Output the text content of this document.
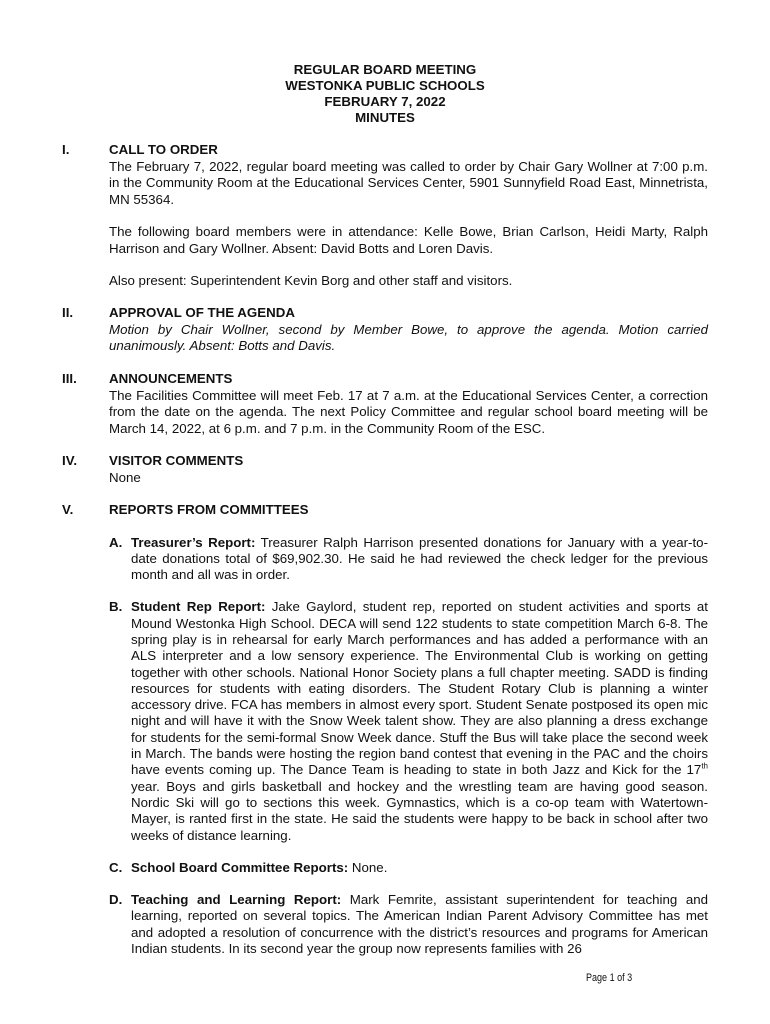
REGULAR BOARD MEETING
WESTONKA PUBLIC SCHOOLS
FEBRUARY 7, 2022
MINUTES
I.	CALL TO ORDER

The February 7, 2022, regular board meeting was called to order by Chair Gary Wollner at 7:00 p.m. in the Community Room at the Educational Services Center, 5901 Sunnyfield Road East, Minnetrista, MN 55364.

The following board members were in attendance: Kelle Bowe, Brian Carlson, Heidi Marty, Ralph Harrison and Gary Wollner. Absent: David Botts and Loren Davis.

Also present: Superintendent Kevin Borg and other staff and visitors.

II.	APPROVAL OF THE AGENDA

Motion by Chair Wollner, second by Member Bowe, to approve the agenda. Motion carried unanimously. Absent: Botts and Davis.

III. ANNOUNCEMENTS

The Facilities Committee will meet Feb. 17 at 7 a.m. at the Educational Services Center, a correction from the date on the agenda. The next Policy Committee and regular school board meeting will be March 14, 2022, at 6 p.m. and 7 p.m. in the Community Room of the ESC.

IV. VISITOR COMMENTS

None

V.	REPORTS FROM COMMITTEES
A. Treasurer’s Report: Treasurer Ralph Harrison presented donations for January with a year-to-date donations total of $69,902.30. He said he had reviewed the check ledger for the previous month and all was in order.
B. Student Rep Report: Jake Gaylord, student rep, reported on student activities and sports at Mound Westonka High School. DECA will send 122 students to state competition March 6-8. The spring play is in rehearsal for early March performances and has added a performance with an ALS interpreter and a low sensory experience. The Environmental Club is working on getting together with other schools. National Honor Society plans a full chapter meeting. SADD is finding resources for students with eating disorders. The Student Rotary Club is planning a winter accessory drive. FCA has members in almost every sport. Student Senate postposed its open mic night and will have it with the Snow Week talent show. They are also planning a dress exchange for students for the semi-formal Snow Week dance. Stuff the Bus will take place the second week in March. The bands were hosting the region band contest that evening in the PAC and the choirs have events coming up. The Dance Team is heading to state in both Jazz and Kick for the 17th year. Boys and girls basketball and hockey and the wrestling team are having good season. Nordic Ski will go to sections this week. Gymnastics, which is a co-op team with Watertown-Mayer, is ranted first in the state. He said the students were happy to be back in school after two weeks of distance learning.
C. School Board Committee Reports: None.
D. Teaching and Learning Report: Mark Femrite, assistant superintendent for teaching and learning, reported on several topics. The American Indian Parent Advisory Committee has met and adopted a resolution of concurrence with the district’s resources and programs for American Indian students. In its second year the group now represents families with 26
Page 1 of 3
